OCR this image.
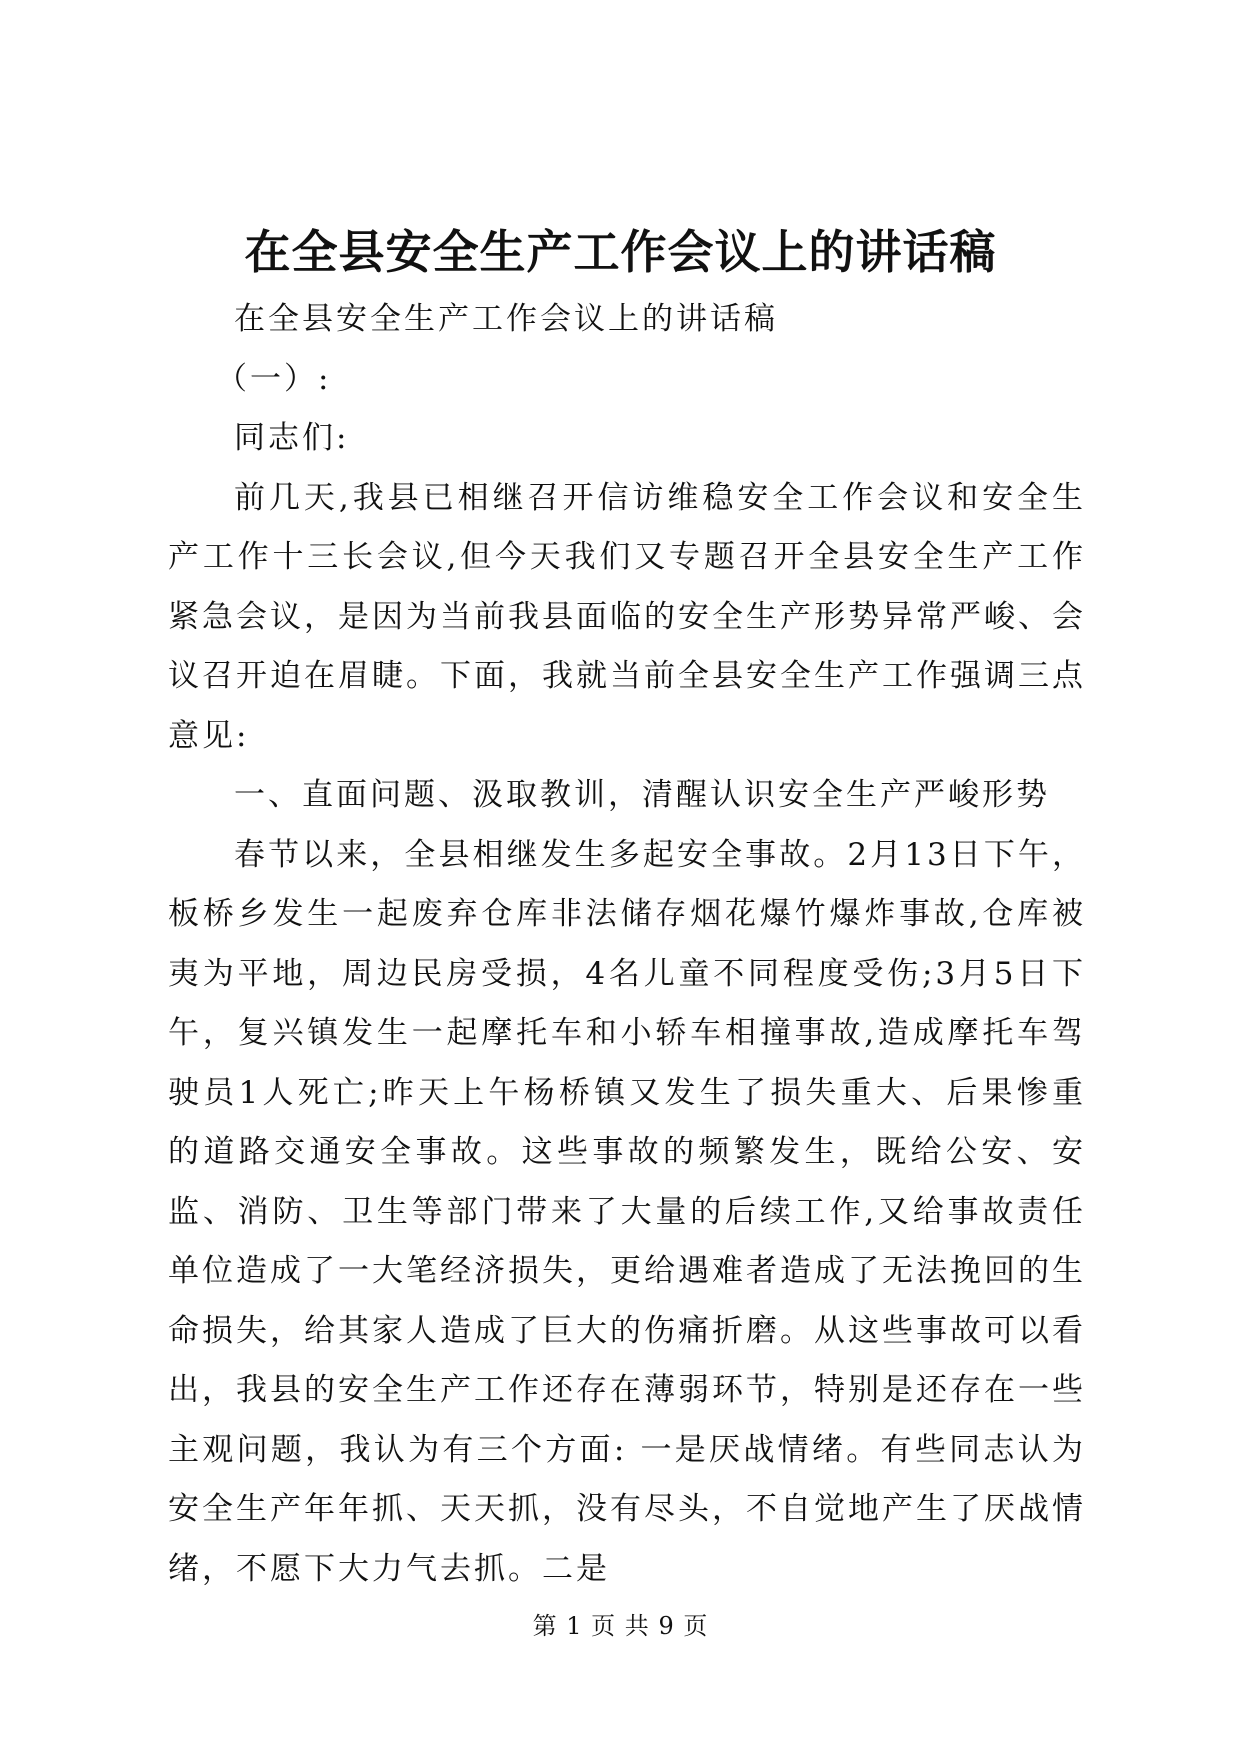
在全县安全生产工作会议上的讲话稿

在全县安全生产工作会议上的讲话稿

（一）:

同志们:

前几天,我县已相继召开信访维稳安全工作会议和安全生产工作十三长会议,但今天我们又专题召开全县安全生产工作紧急会议，是因为当前我县面临的安全生产形势异常严峻、会议召开迫在眉睫。下面，我就当前全县安全生产工作强调三点意见:

一、直面问题、汲取教训，清醒认识安全生产严峻形势

春节以来，全县相继发生多起安全事故。2月13日下午，板桥乡发生一起废弃仓库非法储存烟花爆竹爆炸事故,仓库被夷为平地，周边民房受损，4名儿童不同程度受伤;3月5日下午，复兴镇发生一起摩托车和小轿车相撞事故,造成摩托车驾驶员1人死亡;昨天上午杨桥镇又发生了损失重大、后果惨重的道路交通安全事故。这些事故的频繁发生，既给公安、安监、消防、卫生等部门带来了大量的后续工作,又给事故责任单位造成了一大笔经济损失，更给遇难者造成了无法挽回的生命损失，给其家人造成了巨大的伤痛折磨。从这些事故可以看出，我县的安全生产工作还存在薄弱环节，特别是还存在一些主观问题，我认为有三个方面: 一是厌战情绪。有些同志认为安全生产年年抓、天天抓，没有尽头，不自觉地产生了厌战情绪，不愿下大力气去抓。二是

第 1 页 共 9 页
